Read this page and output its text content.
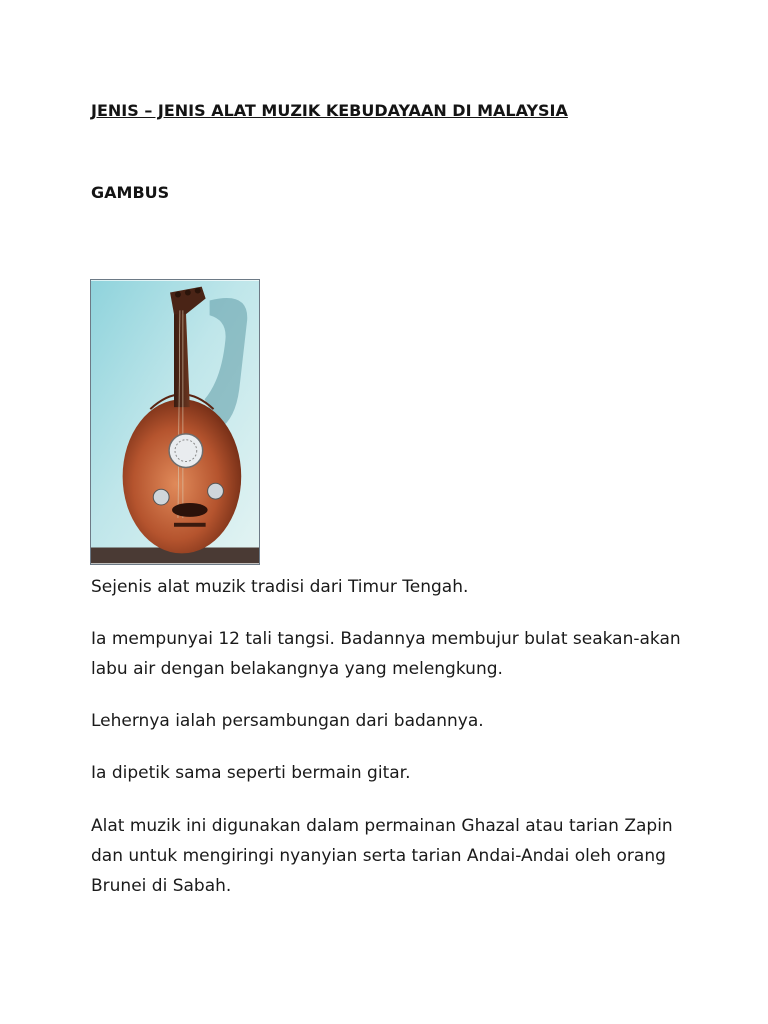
JENIS – JENIS ALAT MUZIK KEBUDAYAAN DI MALAYSIA
GAMBUS

Sejenis alat muzik tradisi dari Timur Tengah.

Ia mempunyai 12 tali tangsi. Badannya membujur bulat seakan-akan labu air dengan belakangnya yang melengkung.

Lehernya ialah persambungan dari badannya.

Ia dipetik sama seperti bermain gitar.

Alat muzik ini digunakan dalam permainan Ghazal atau tarian Zapin dan untuk mengiringi nyanyian serta tarian Andai-Andai oleh orang Brunei di Sabah.
